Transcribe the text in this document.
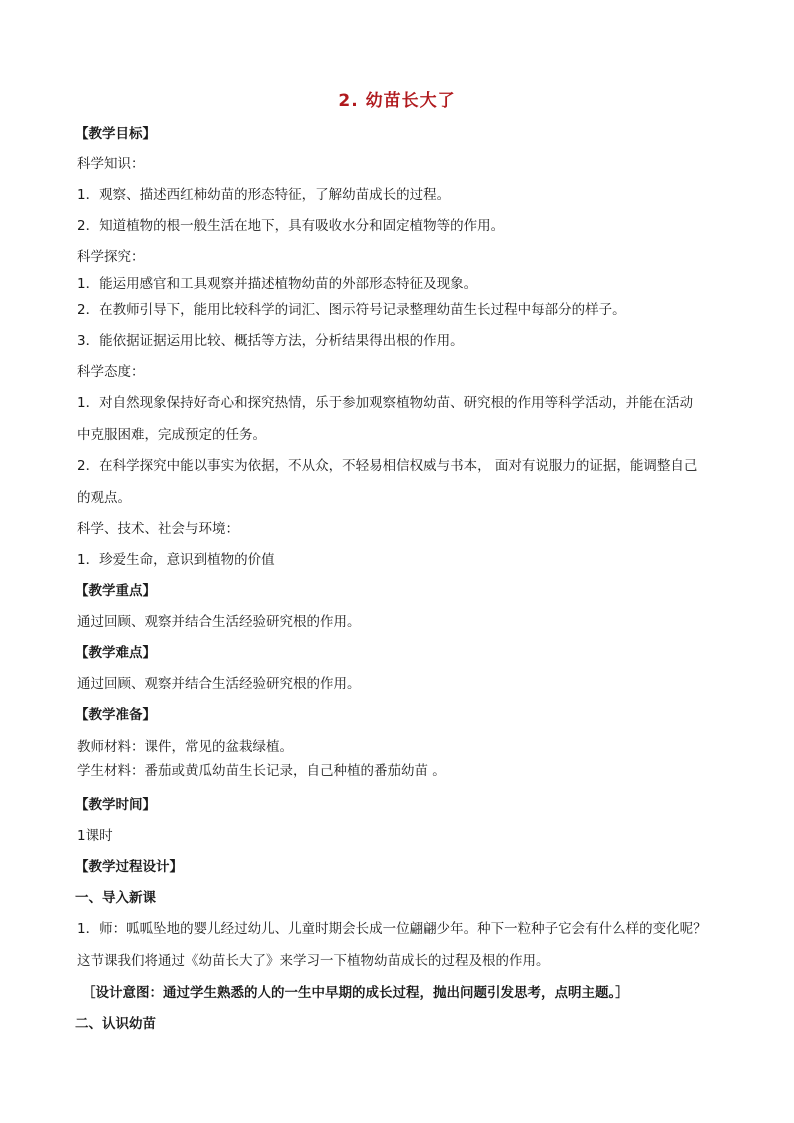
2. 幼苗长大了
【教学目标】
科学知识：
1．观察、描述西红柿幼苗的形态特征，了解幼苗成长的过程。
2．知道植物的根一般生活在地下，具有吸收水分和固定植物等的作用。
科学探究：
1．能运用感官和工具观察并描述植物幼苗的外部形态特征及现象。
2．在教师引导下，能用比较科学的词汇、图示符号记录整理幼苗生长过程中每部分的样子。
3．能依据证据运用比较、概括等方法，分析结果得出根的作用。
科学态度：
1．对自然现象保持好奇心和探究热情，乐于参加观察植物幼苗、研究根的作用等科学活动，并能在活动
中克服困难，完成预定的任务。
2．在科学探究中能以事实为依据，不从众，不轻易相信权威与书本， 面对有说服力的证据，能调整自己
的观点。
科学、技术、社会与环境：
1．珍爱生命，意识到植物的价值
【教学重点】
通过回顾、观察并结合生活经验研究根的作用。
【教学难点】
通过回顾、观察并结合生活经验研究根的作用。
【教学准备】
教师材料：课件，常见的盆栽绿植。
学生材料：番茄或黄瓜幼苗生长记录，自己种植的番茄幼苗 。
【教学时间】
1课时
【教学过程设计】
一、导入新课
1．师：呱呱坠地的婴儿经过幼儿、儿童时期会长成一位翩翩少年。种下一粒种子它会有什么样的变化呢？
这节课我们将通过《幼苗长大了》来学习一下植物幼苗成长的过程及根的作用。
［设计意图：通过学生熟悉的人的一生中早期的成长过程，抛出问题引发思考，点明主题。］
二、认识幼苗
